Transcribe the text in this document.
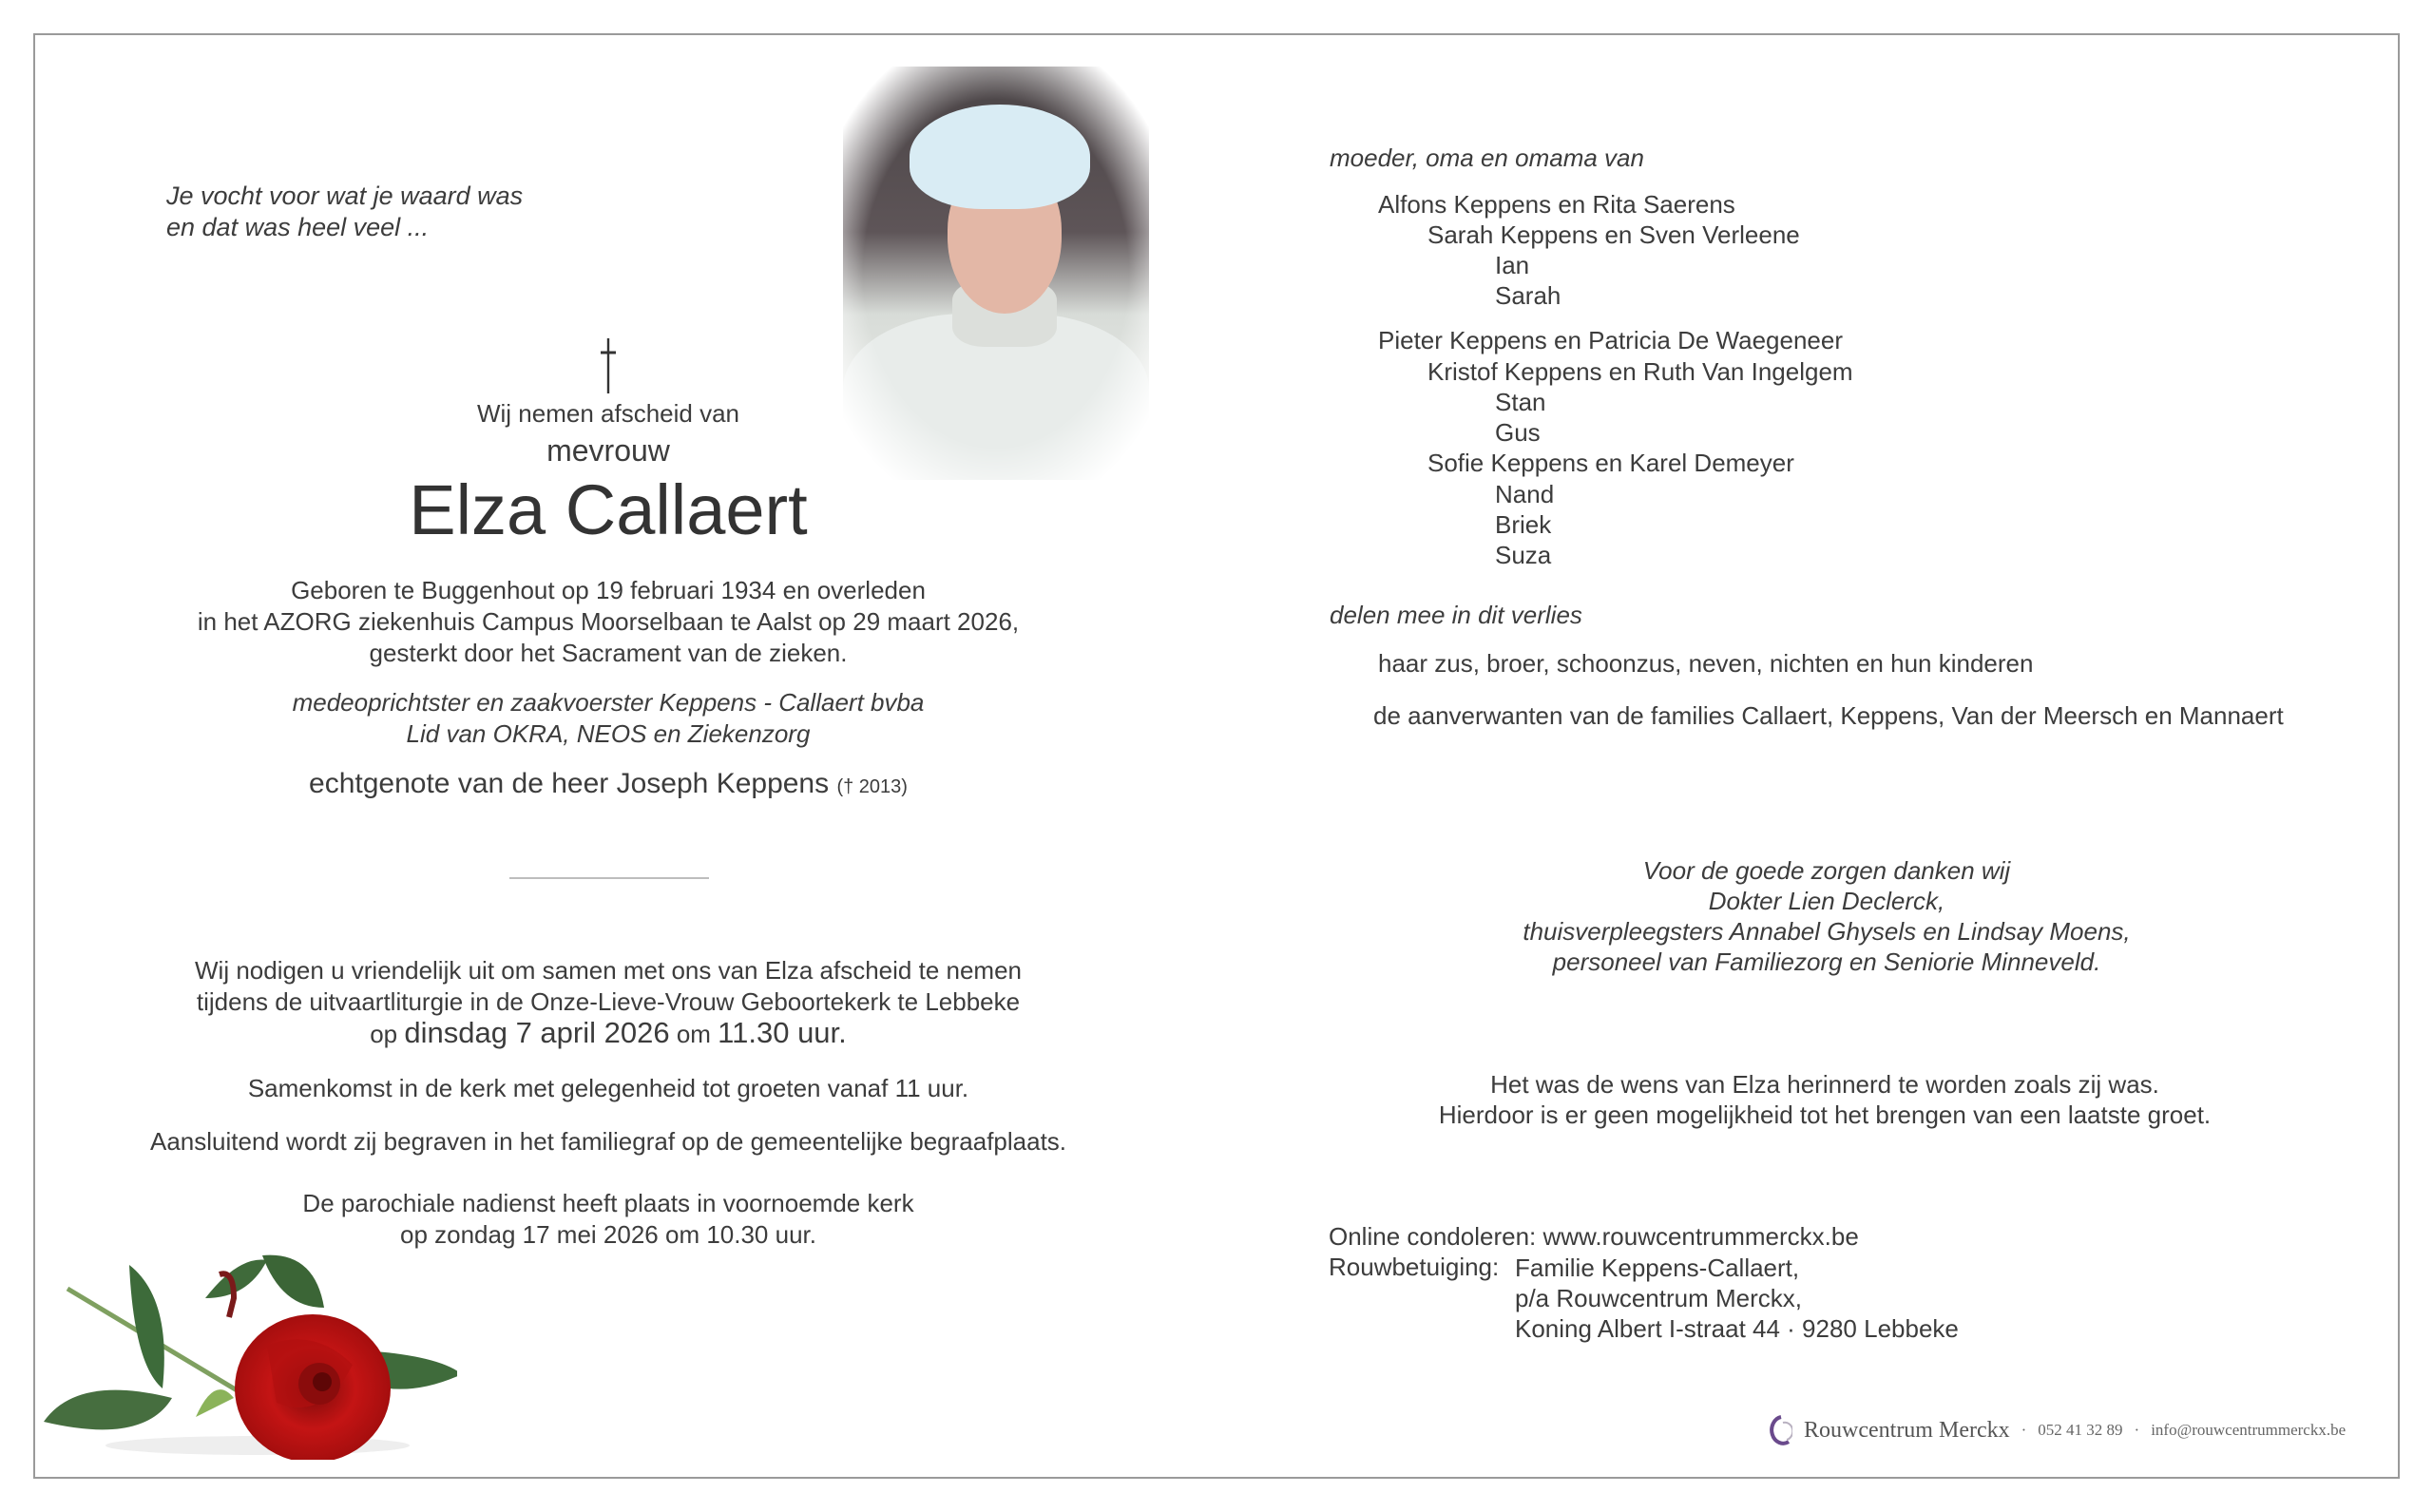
Je vocht voor wat je waard was
en dat was heel veel ...
Wij nemen afscheid van
mevrouw
Elza Callaert
Geboren te Buggenhout op 19 februari 1934 en overleden
in het AZORG ziekenhuis Campus Moorselbaan te Aalst op 29 maart 2026,
gesterkt door het Sacrament van de zieken.
medeoprichtster en zaakvoerster Keppens - Callaert bvba
Lid van OKRA, NEOS en Ziekenzorg
echtgenote van de heer Joseph Keppens († 2013)
Wij nodigen u vriendelijk uit om samen met ons van Elza afscheid te nemen
tijdens de uitvaartliturgie in de Onze-Lieve-Vrouw Geboortekerk te Lebbeke
op dinsdag 7 april 2026 om 11.30 uur.
Samenkomst in de kerk met gelegenheid tot groeten vanaf 11 uur.
Aansluitend wordt zij begraven in het familiegraf op de gemeentelijke begraafplaats.
De parochiale nadienst heeft plaats in voornoemde kerk
op zondag 17 mei 2026 om 10.30 uur.
moeder, oma en omama van
Alfons Keppens en Rita Saerens
Sarah Keppens en Sven Verleene
Ian
Sarah
Pieter Keppens en Patricia De Waegeneer
Kristof Keppens en Ruth Van Ingelgem
Stan
Gus
Sofie Keppens en Karel Demeyer
Nand
Briek
Suza
delen mee in dit verlies
haar zus, broer, schoonzus, neven, nichten en hun kinderen
de aanverwanten van de families Callaert, Keppens, Van der Meersch en Mannaert
Voor de goede zorgen danken wij
Dokter Lien Declerck,
thuisverpleegsters Annabel Ghysels en Lindsay Moens,
personeel van Familiezorg en Seniorie Minneveld.
Het was de wens van Elza herinnerd te worden zoals zij was.
Hierdoor is er geen mogelijkheid tot het brengen van een laatste groet.
Online condoleren: www.rouwcentrummerckx.be
Rouwbetuiging: Familie Keppens-Callaert,
p/a Rouwcentrum Merckx,
Koning Albert I-straat 44 · 9280 Lebbeke
Rouwcentrum Merckx · 052 41 32 89 · info@rouwcentrummerckx.be
